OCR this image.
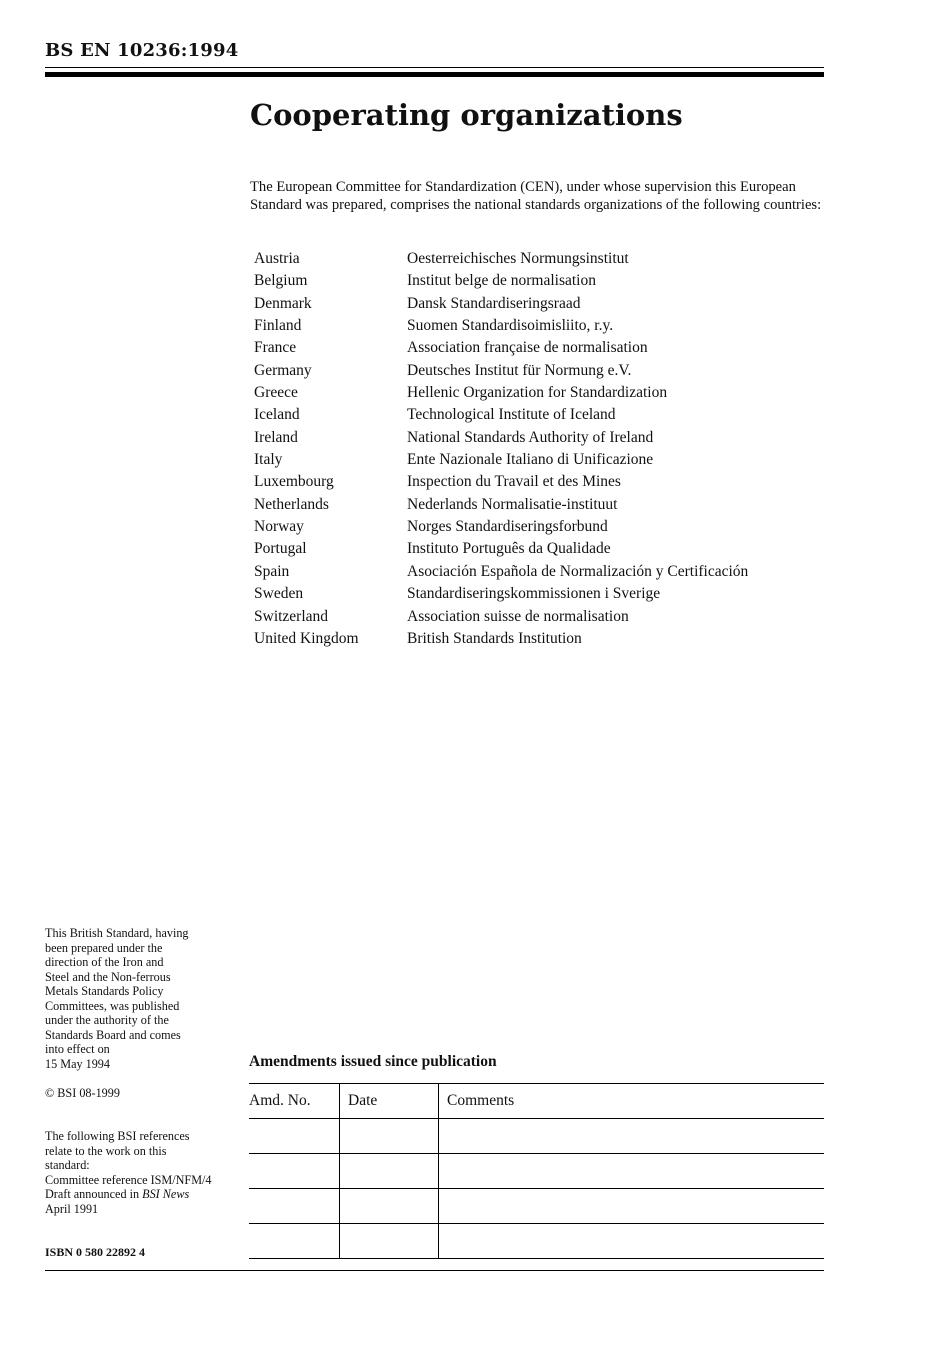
BS EN 10236:1994
Cooperating organizations

The European Committee for Standardization (CEN), under whose supervision this European Standard was prepared, comprises the national standards organizations of the following countries:

Austria	Oesterreichisches Normungsinstitut
Belgium	Institut belge de normalisation
Denmark	Dansk Standardiseringsraad
Finland	Suomen Standardisoimisliito, r.y.
France	Association française de normalisation
Germany	Deutsches Institut für Normung e.V.
Greece	Hellenic Organization for Standardization
Iceland	Technological Institute of Iceland
Ireland	National Standards Authority of Ireland
Italy	Ente Nazionale Italiano di Unificazione
Luxembourg	Inspection du Travail et des Mines
Netherlands	Nederlands Normalisatie-instituut
Norway	Norges Standardiseringsforbund
Portugal	Instituto Português da Qualidade
Spain	Asociación Española de Normalización y Certificación
Sweden	Standardiseringskommissionen i Sverige
Switzerland	Association suisse de normalisation
United Kingdom	British Standards Institution
This British Standard, having
been prepared under the
direction of the Iron and
Steel and the Non-ferrous
Metals Standards Policy
Committees, was published
under the authority of the
Standards Board and comes
into effect on
15 May 1994
© BSI 08-1999
The following BSI references
relate to the work on this
standard:
Committee reference ISM/NFM/4
Draft announced in BSI News
April 1991
ISBN 0 580 22892 4
Amendments issued since publication
Amd. No.	Date	Comments
